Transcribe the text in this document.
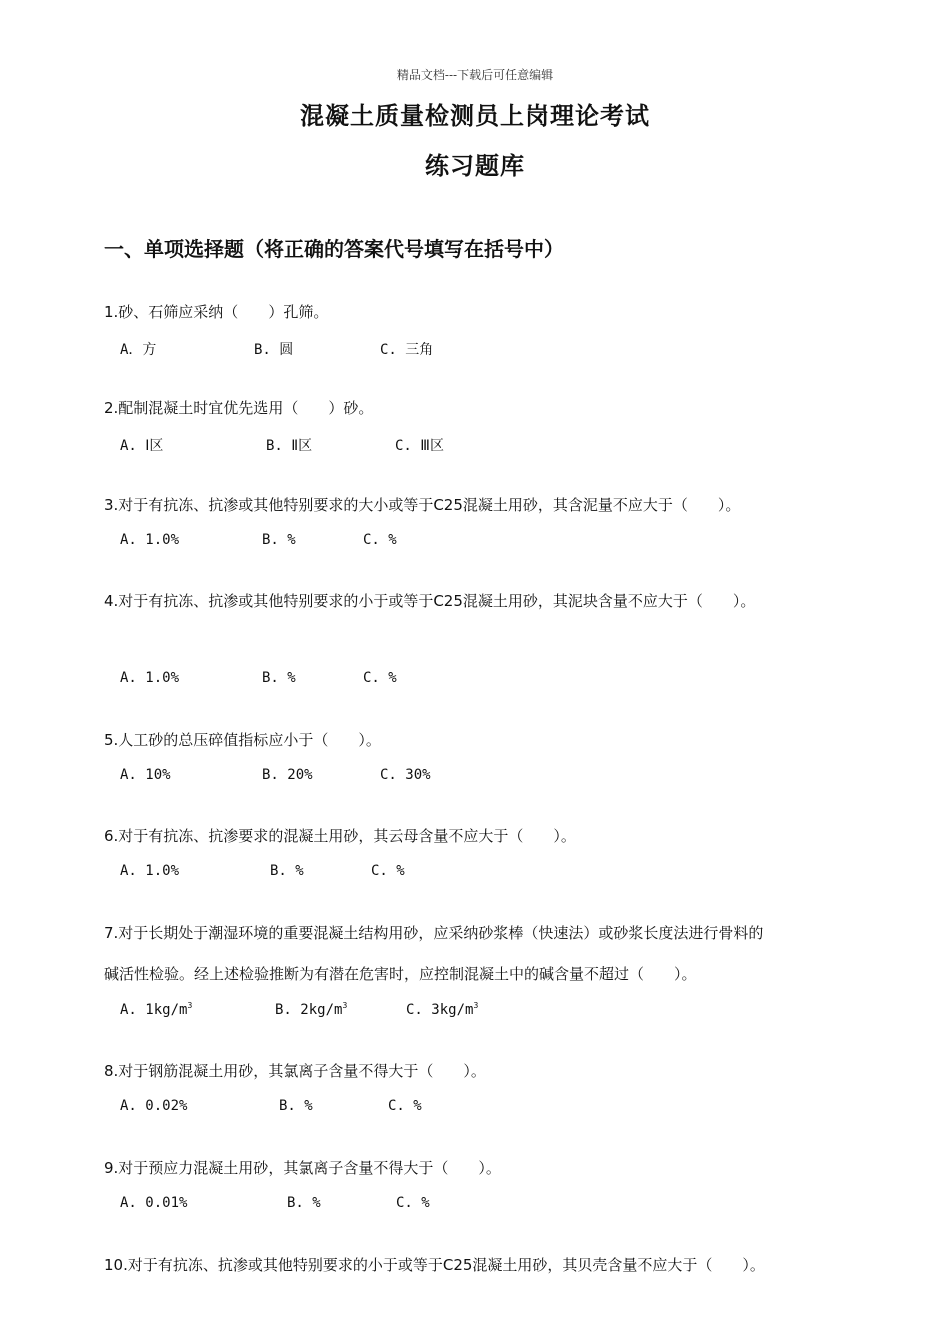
精品文档---下载后可任意编辑
混凝土质量检测员上岗理论考试
练习题库
一、单项选择题（将正确的答案代号填写在括号中）
1.砂、石筛应采纳（　　）孔筛。
A．方	B. 圆	C. 三角
2.配制混凝土时宜优先选用（　　）砂。
A. Ⅰ区	B. Ⅱ区	C. Ⅲ区
3.对于有抗冻、抗渗或其他特别要求的大小或等于C25混凝土用砂，其含泥量不应大于（　　）。
A. 1.0%	B. %	C. %
4.对于有抗冻、抗渗或其他特别要求的小于或等于C25混凝土用砂，其泥块含量不应大于（　　）。
A. 1.0%	B. %	C. %
5.人工砂的总压碎值指标应小于（　　）。
A. 10%	B. 20%	C. 30%
6.对于有抗冻、抗渗要求的混凝土用砂，其云母含量不应大于（　　）。
A. 1.0%	B. %	C. %
7.对于长期处于潮湿环境的重要混凝土结构用砂，应采纳砂浆棒（快速法）或砂浆长度法进行骨料的
碱活性检验。经上述检验推断为有潜在危害时，应控制混凝土中的碱含量不超过（　　）。
A. $1kg/m^3$	B. $2kg/m^3$	C. $3kg/m^3$
8.对于钢筋混凝土用砂，其氯离子含量不得大于（　　）。
A. 0.02%	B. %	C. %
9.对于预应力混凝土用砂，其氯离子含量不得大于（　　）。
A. 0.01%	B. %	C. %
10.对于有抗冻、抗渗或其他特别要求的小于或等于C25混凝土用砂，其贝壳含量不应大于（　　）。
